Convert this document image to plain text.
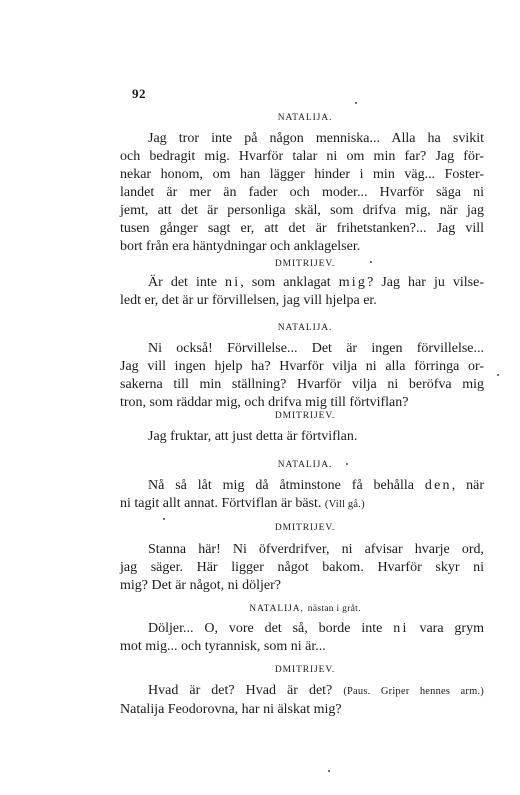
92
NATALIJA.
Jag tror inte på någon menniska... Alla ha svikit
och bedragit mig. Hvarför talar ni om min far? Jag för-
nekar honom, om han lägger hinder i min väg... Foster-
landet är mer än fader och moder... Hvarför säga ni
jemt, att det är personliga skäl, som drifva mig, när jag
tusen gånger sagt er, att det är frihetstanken?... Jag vill
bort från era häntydningar och anklagelser.
DMITRIJEV.
Är det inte ni, som anklagat mig? Jag har ju vilse-
ledt er, det är ur förvillelsen, jag vill hjelpa er.
NATALIJA.
Ni också! Förvillelse... Det är ingen förvillelse...
Jag vill ingen hjelp ha? Hvarför vilja ni alla förringa or-
sakerna till min ställning? Hvarför vilja ni beröfva mig
tron, som räddar mig, och drifva mig till förtviflan?
DMITRIJEV.
Jag fruktar, att just detta är förtviflan.
NATALIJA.
Nå så låt mig då åtminstone få behålla den, när
ni tagit allt annat. Förtviflan är bäst. (Vill gå.)
DMITRIJEV.
Stanna här! Ni öfverdrifver, ni afvisar hvarje ord,
jag säger. Här ligger något bakom. Hvarför skyr ni
mig? Det är något, ni döljer?
NATALIJA, nästan i gråt.
Döljer... O, vore det så, borde inte ni vara grym
mot mig... och tyrannisk, som ni är...
DMITRIJEV.
Hvad är det? Hvad är det? (Paus. Griper hennes arm.)
Natalija Feodorovna, har ni älskat mig?
